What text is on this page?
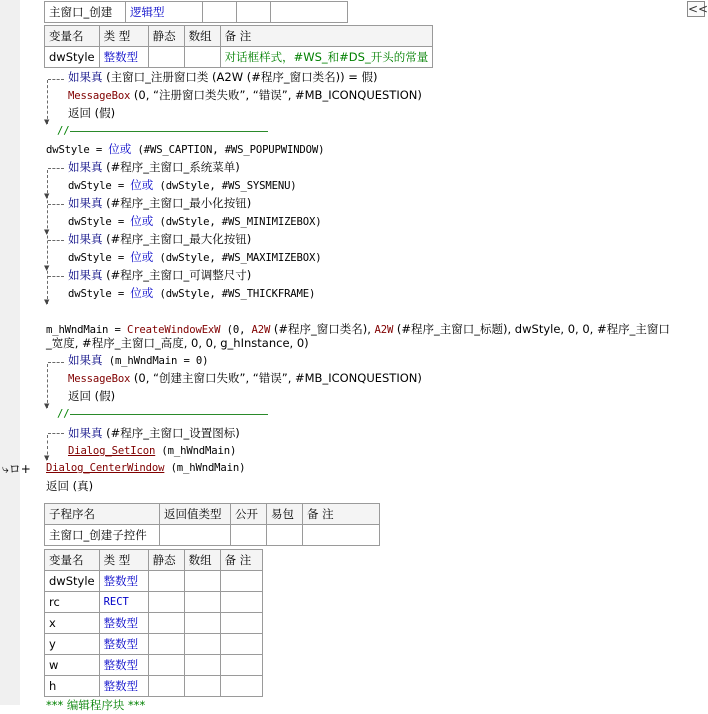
<<
主窗口_创建	逻辑型			
变量名	类 型	静态	数组	备 注
dwStyle	整数型			对话框样式，#WS_和#DS_开头的常量
▼
如果真 (主窗口_注册窗口类 (A2W (#程序_窗口类名)) = 假)
MessageBox (0, “注册窗口类失败”, “错误”, #MB_ICONQUESTION)
返回 (假)
//
dwStyle = 位或 (#WS_CAPTION, #WS_POPUPWINDOW)
▼
▼
▼
▼
如果真 (#程序_主窗口_系统菜单)
dwStyle = 位或 (dwStyle, #WS_SYSMENU)
如果真 (#程序_主窗口_最小化按钮)
dwStyle = 位或 (dwStyle, #WS_MINIMIZEBOX)
如果真 (#程序_主窗口_最大化按钮)
dwStyle = 位或 (dwStyle, #WS_MAXIMIZEBOX)
如果真 (#程序_主窗口_可调整尺寸)
dwStyle = 位或 (dwStyle, #WS_THICKFRAME)
m_hWndMain = CreateWindowExW (0, A2W (#程序_窗口类名), A2W (#程序_主窗口_标题), dwStyle, 0, 0, #程序_主窗口
_宽度, #程序_主窗口_高度, 0, 0, g_hInstance, 0)
▼
如果真 (m_hWndMain = 0)
MessageBox (0, “创建主窗口失败”, “错误”, #MB_ICONQUESTION)
返回 (假)
//
▼
如果真 (#程序_主窗口_设置图标)
Dialog_SetIcon (m_hWndMain)
⤷ロ+ Dialog_CenterWindow (m_hWndMain)
返回 (真)
子程序名	返回值类型	公开	易包	备 注
主窗口_创建子控件				
变量名	类 型	静态	数组	备 注
dwStyle	整数型			
rc	RECT			
x	整数型			
y	整数型			
w	整数型			
h	整数型			
*** 编辑程序块 ***
